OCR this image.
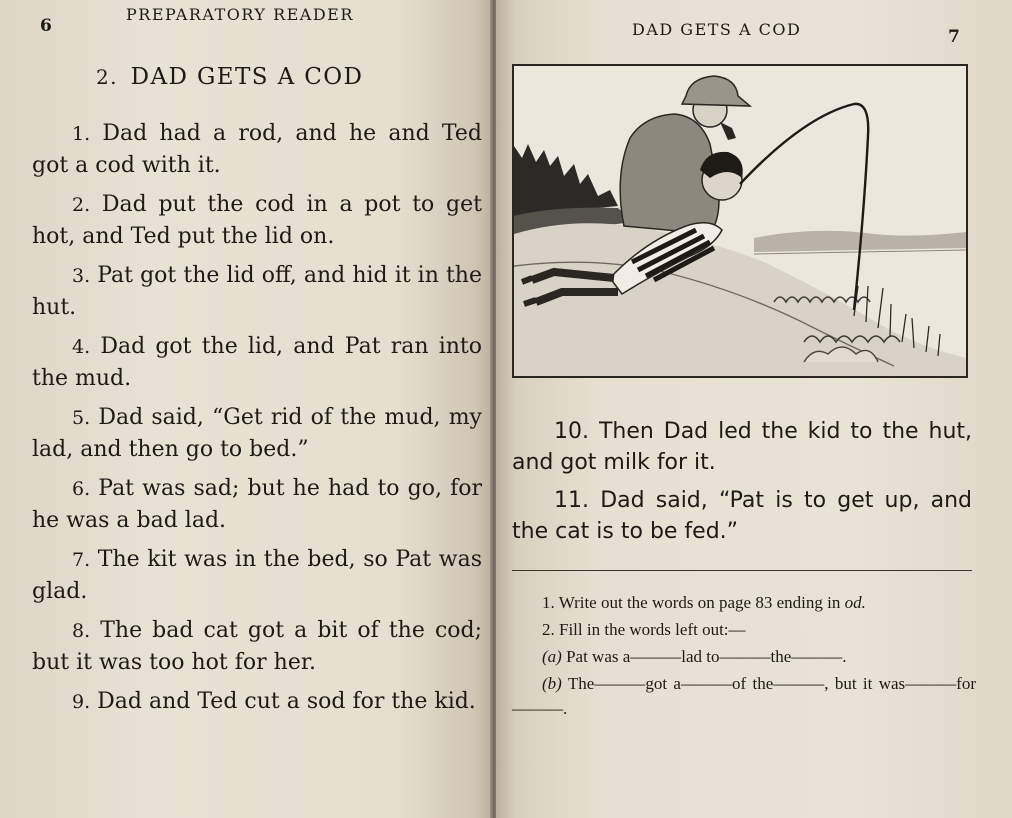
6
PREPARATORY READER
2. DAD GETS A COD

1. Dad had a rod, and he and Ted got a cod with it.

2. Dad put the cod in a pot to get hot, and Ted put the lid on.

3. Pat got the lid off, and hid it in the hut.

4. Dad got the lid, and Pat ran into the mud.

5. Dad said, “Get rid of the mud, my lad, and then go to bed.”

6. Pat was sad; but he had to go, for he was a bad lad.

7. The kit was in the bed, so Pat was glad.

8. The bad cat got a bit of the cod; but it was too hot for her.

9. Dad and Ted cut a sod for the kid.

DAD GETS A COD	7

10. Then Dad led the kid to the hut, and got milk for it.

11. Dad said, “Pat is to get up, and the cat is to be fed.”

1. Write out the words on page 83 ending in od.

2. Fill in the words left out:—

(a) Pat was a———lad to———the———.

(b) The———got a———of the———, but it was———for———.
